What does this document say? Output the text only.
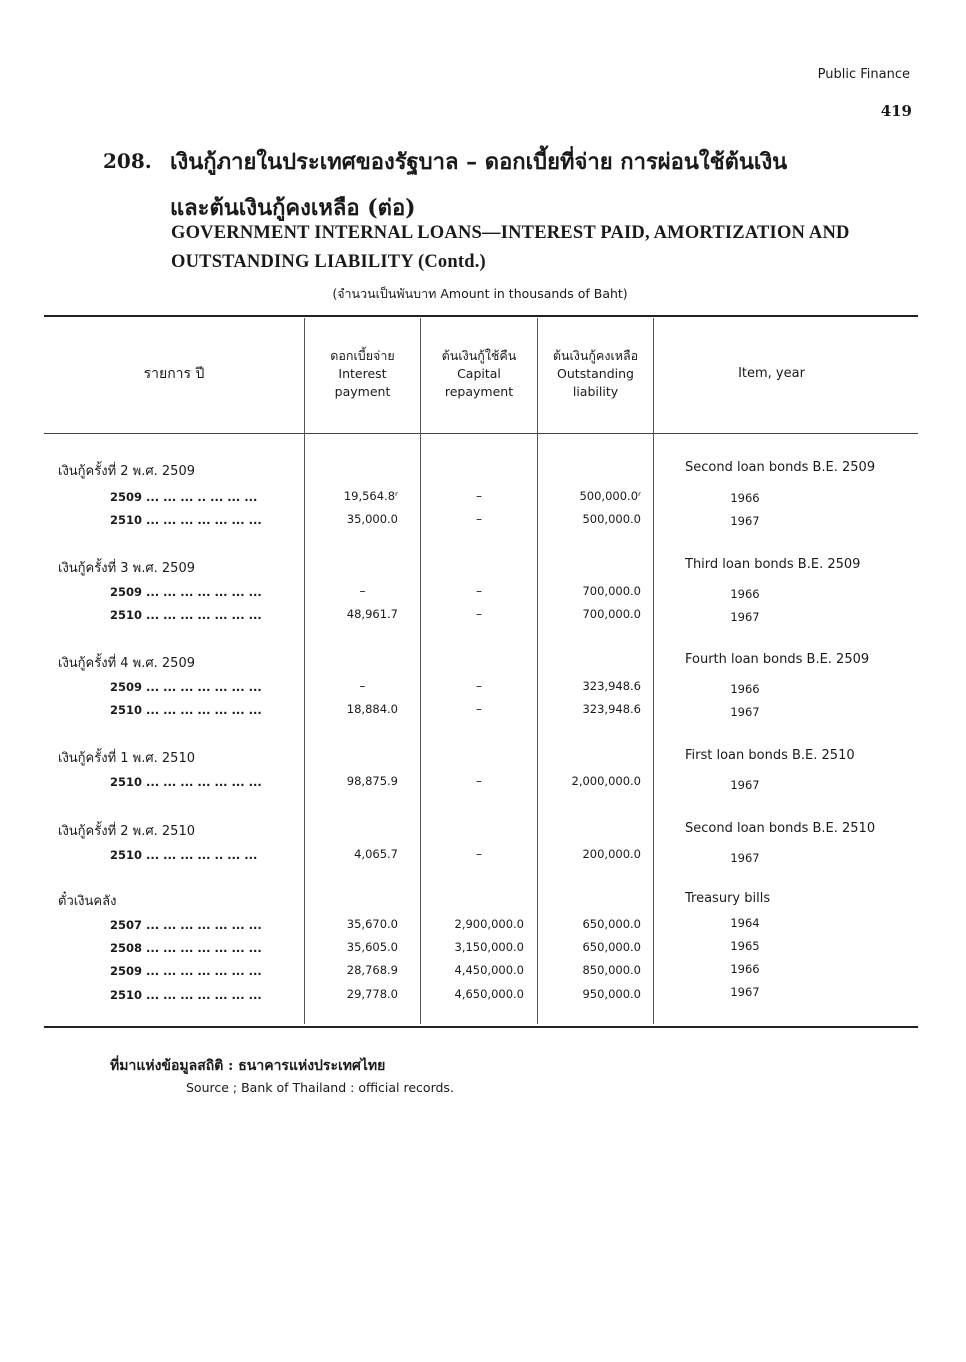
Public Finance
419
208. เงินกู้ภายในประเทศของรัฐบาล – ดอกเบี้ยที่จ่าย การผ่อนใช้ต้นเงิน
และต้นเงินกู้คงเหลือ (ต่อ)
GOVERNMENT INTERNAL LOANS—INTEREST PAID, AMORTIZATION AND
OUTSTANDING LIABILITY (Contd.)
(จำนวนเป็นพันบาท Amount in thousands of Baht)
รายการ ปี
ดอกเบี้ยจ่าย
Interest
payment
ต้นเงินกู้ใช้คืน
Capital
repayment
ต้นเงินกู้คงเหลือ
Outstanding
liability
Item, year
เงินกู้ครั้งที่ 2 พ.ศ. 2509	Second loan bonds B.E. 2509
2509 ... ... ... .. ... ... ...	19,564.8ʳ	–	500,000.0ʳ	1966
2510 ... ... ... ... ... ... ...	35,000.0	–	500,000.0	1967
เงินกู้ครั้งที่ 3 พ.ศ. 2509	Third loan bonds B.E. 2509
2509 ... ... ... ... ... ... ...	–	–	700,000.0	1966
2510 ... ... ... ... ... ... ...	48,961.7	–	700,000.0	1967
เงินกู้ครั้งที่ 4 พ.ศ. 2509	Fourth loan bonds B.E. 2509
2509 ... ... ... ... ... ... ...	–	–	323,948.6	1966
2510 ... ... ... ... ... ... ...	18,884.0	–	323,948.6	1967
เงินกู้ครั้งที่ 1 พ.ศ. 2510	First loan bonds B.E. 2510
2510 ... ... ... ... ... ... ...	98,875.9	–	2,000,000.0	1967
เงินกู้ครั้งที่ 2 พ.ศ. 2510	Second loan bonds B.E. 2510
2510 ... ... ... ... .. ... ...	4,065.7	–	200,000.0	1967
ตั๋วเงินคลัง	Treasury bills
2507 ... ... ... ... ... ... ...	35,670.0	2,900,000.0	650,000.0	1964
2508 ... ... ... ... ... ... ...	35,605.0	3,150,000.0	650,000.0	1965
2509 ... ... ... ... ... ... ...	28,768.9	4,450,000.0	850,000.0	1966
2510 ... ... ... ... ... ... ...	29,778.0	4,650,000.0	950,000.0	1967
ที่มาแห่งข้อมูลสถิติ : ธนาคารแห่งประเทศไทย
Source ; Bank of Thailand : official records.
